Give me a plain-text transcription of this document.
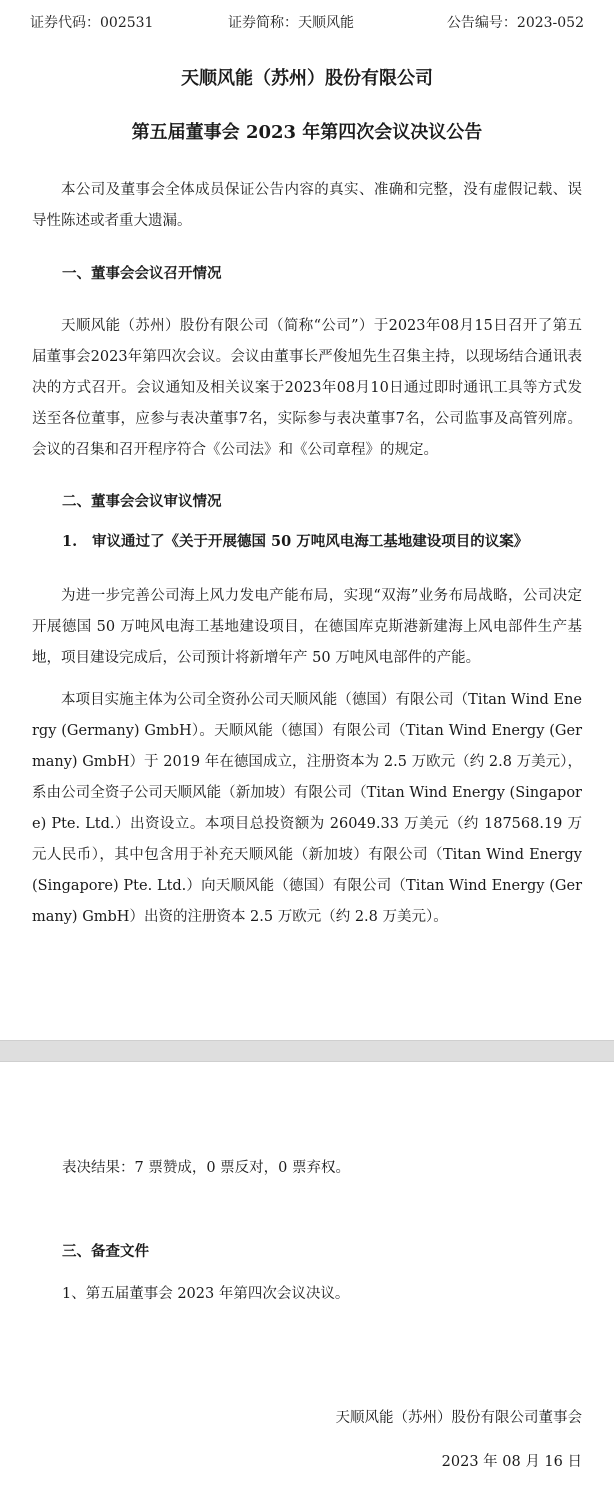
证券代码：002531	证券简称：天顺风能	公告编号：2023-052
天顺风能（苏州）股份有限公司
第五届董事会 2023 年第四次会议决议公告

本公司及董事会全体成员保证公告内容的真实、准确和完整，没有虚假记载、误导性陈述或者重大遗漏。

一、董事会会议召开情况

天顺风能（苏州）股份有限公司（简称“公司”）于2023年08月15日召开了第五届董事会2023年第四次会议。会议由董事长严俊旭先生召集主持，以现场结合通讯表决的方式召开。会议通知及相关议案于2023年08月10日通过即时通讯工具等方式发送至各位董事，应参与表决董事7名，实际参与表决董事7名，公司监事及高管列席。会议的召集和召开程序符合《公司法》和《公司章程》的规定。

二、董事会会议审议情况
1. 审议通过了《关于开展德国 50 万吨风电海工基地建设项目的议案》

为进一步完善公司海上风力发电产能布局，实现“双海”业务布局战略，公司决定开展德国 50 万吨风电海工基地建设项目，在德国库克斯港新建海上风电部件生产基地，项目建设完成后，公司预计将新增年产 50 万吨风电部件的产能。

本项目实施主体为公司全资孙公司天顺风能（德国）有限公司（Titan Wind Energy (Germany) GmbH）。天顺风能（德国）有限公司（Titan Wind Energy (Germany) GmbH）于 2019 年在德国成立，注册资本为 2.5 万欧元（约 2.8 万美元），系由公司全资子公司天顺风能（新加坡）有限公司（Titan Wind Energy (Singapore) Pte. Ltd.）出资设立。本项目总投资额为 26049.33 万美元（约 187568.19 万元人民币），其中包含用于补充天顺风能（新加坡）有限公司（Titan Wind Energy (Singapore) Pte. Ltd.）向天顺风能（德国）有限公司（Titan Wind Energy (Germany) GmbH）出资的注册资本 2.5 万欧元（约 2.8 万美元）。

表决结果：7 票赞成，0 票反对，0 票弃权。
三、备查文件
1、第五届董事会 2023 年第四次会议决议。
天顺风能（苏州）股份有限公司董事会
2023 年 08 月 16 日
